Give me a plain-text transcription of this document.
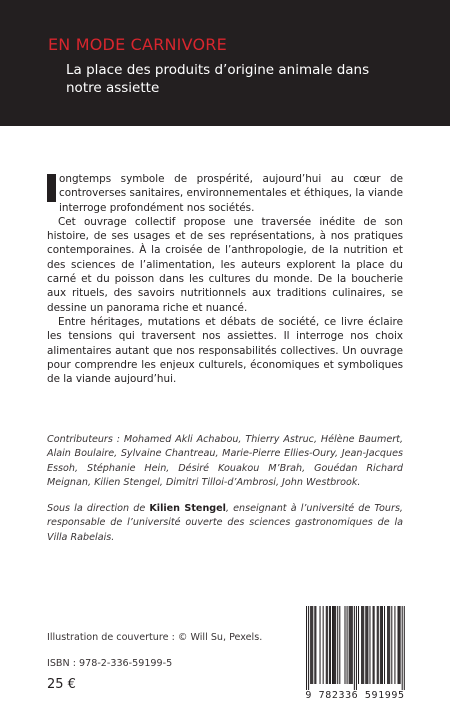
EN MODE CARNIVORE
La place des produits d’origine animale dans notre assiette

ongtemps symbole de prospérité, aujourd’hui au cœur de controverses sanitaires, environnementales et éthiques, la viande interroge profondément nos sociétés.

Cet ouvrage collectif propose une traversée inédite de son histoire, de ses usages et de ses représentations, à nos pratiques contemporaines. À la croisée de l’anthropologie, de la nutrition et des sciences de l’alimentation, les auteurs explorent la place du carné et du poisson dans les cultures du monde. De la boucherie aux rituels, des savoirs nutritionnels aux traditions culinaires, se dessine un panorama riche et nuancé.

Entre héritages, mutations et débats de société, ce livre éclaire les tensions qui traversent nos assiettes. Il interroge nos choix alimentaires autant que nos responsabilités collectives. Un ouvrage pour comprendre les enjeux culturels, économiques et symboliques de la viande aujourd’hui.

Contributeurs : Mohamed Akli Achabou, Thierry Astruc, Hélène Baumert, Alain Boulaire, Sylvaine Chantreau, Marie-Pierre Ellies-Oury, Jean-Jacques Essoh, Stéphanie Hein, Désiré Kouakou M’Brah, Gouédan Richard Meignan, Kilien Stengel, Dimitri Tilloi-d’Ambrosi, John Westbrook.
Sous la direction de Kilien Stengel, enseignant à l’université de Tours, responsable de l’université ouverte des sciences gastronomiques de la Villa Rabelais.
Illustration de couverture : © Will Su, Pexels.
ISBN : 978-2-336-59199-5
25 €
9 782336 591995
